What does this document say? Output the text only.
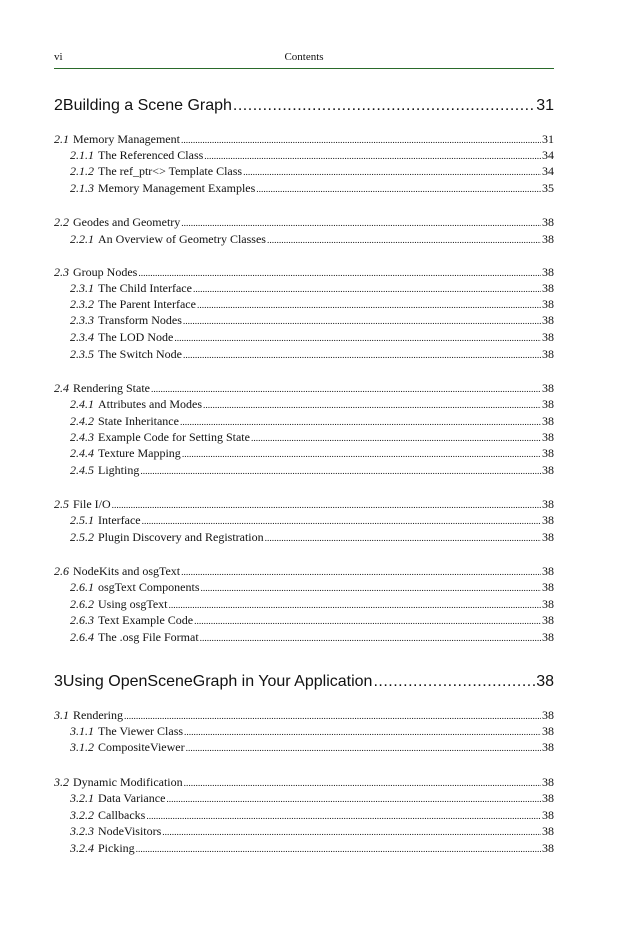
Contents
vi
2 Building a Scene Graph .....	31
2.1 Memory Management .....	31
2.1.1 The Referenced Class .....	34
2.1.2 The ref_ptr<> Template Class .....	34
2.1.3 Memory Management Examples .....	35
2.2 Geodes and Geometry .....	38
2.2.1 An Overview of Geometry Classes .....	38
2.3 Group Nodes .....	38
2.3.1 The Child Interface .....	38
2.3.2 The Parent Interface .....	38
2.3.3 Transform Nodes .....	38
2.3.4 The LOD Node .....	38
2.3.5 The Switch Node .....	38
2.4 Rendering State .....	38
2.4.1 Attributes and Modes .....	38
2.4.2 State Inheritance .....	38
2.4.3 Example Code for Setting State .....	38
2.4.4 Texture Mapping .....	38
2.4.5 Lighting .....	38
2.5 File I/O .....	38
2.5.1 Interface .....	38
2.5.2 Plugin Discovery and Registration .....	38
2.6 NodeKits and osgText .....	38
2.6.1 osgText Components .....	38
2.6.2 Using osgText .....	38
2.6.3 Text Example Code .....	38
2.6.4 The .osg File Format .....	38
3 Using OpenSceneGraph in Your Application .....	38
3.1 Rendering .....	38
3.1.1 The Viewer Class .....	38
3.1.2 CompositeViewer .....	38
3.2 Dynamic Modification .....	38
3.2.1 Data Variance .....	38
3.2.2 Callbacks .....	38
3.2.3 NodeVisitors .....	38
3.2.4 Picking .....	38
